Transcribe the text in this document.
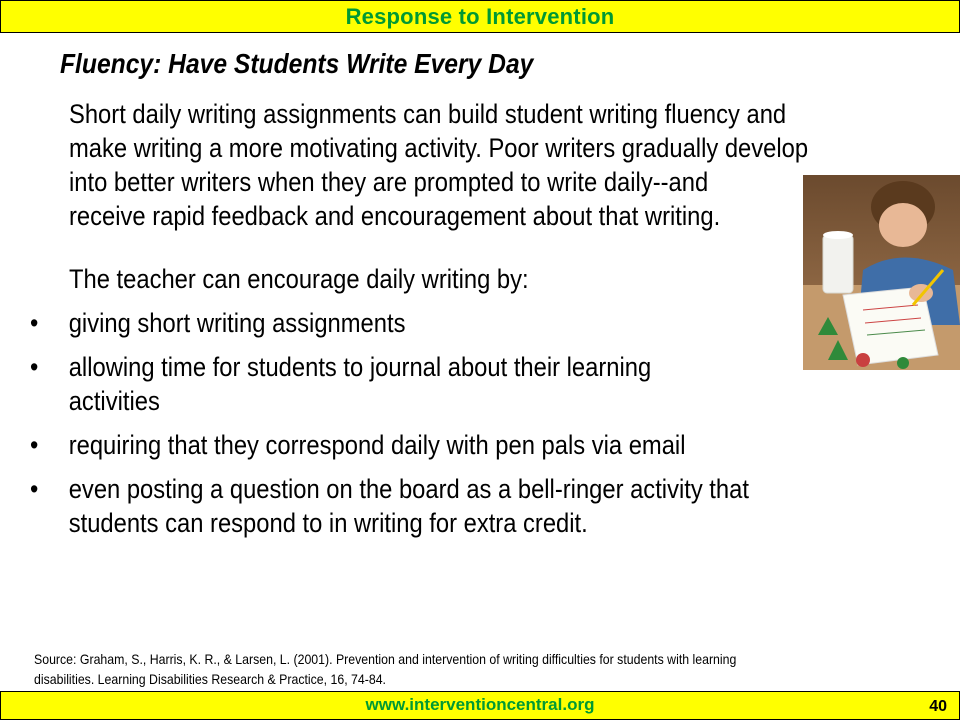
Response to Intervention
Fluency: Have Students Write Every Day

Short daily writing assignments can build student writing fluency and

make writing a more motivating activity. Poor writers gradually develop

into better writers when they are prompted to write daily--and

receive rapid feedback and encouragement about that writing.

The teacher can encourage daily writing by:

• giving short writing assignments
• allowing time for students to journal about their learning
activities
• requiring that they correspond daily with pen pals via email
• even posting a question on the board as a bell-ringer activity that
students can respond to in writing for extra credit.
Source: Graham, S., Harris, K. R., & Larsen, L. (2001). Prevention and intervention of writing difficulties for students with learning
disabilities. Learning Disabilities Research & Practice, 16, 74-84.
www.interventioncentral.org	40
